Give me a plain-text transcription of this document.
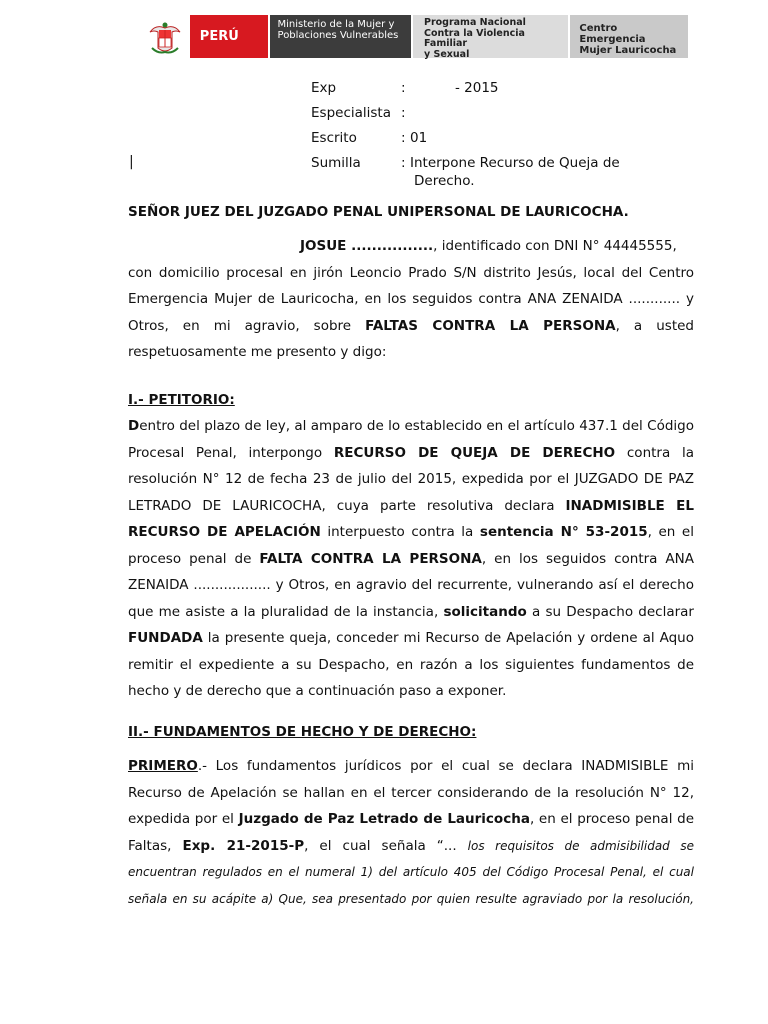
PERÚ
Ministerio de la Mujer y
Poblaciones Vulnerables
Programa Nacional
Contra la Violencia Familiar
y Sexual
Centro Emergencia
Mujer Lauricocha
Exp	:	- 2015
Especialista :
Escrito	: 01
Sumilla	: Interpone Recurso de Queja de
Derecho.
|
SEÑOR JUEZ DEL JUZGADO PENAL UNIPERSONAL DE LAURICOCHA.
JOSUE ................, identificado con DNI N° 44445555,
con domicilio procesal en jirón Leoncio Prado S/N distrito Jesús, local del Centro
Emergencia Mujer de Lauricocha, en los seguidos contra ANA ZENAIDA ............ y
Otros, en mi agravio, sobre FALTAS CONTRA LA PERSONA, a usted
respetuosamente me presento y digo:
I.- PETITORIO:
Dentro del plazo de ley, al amparo de lo establecido en el artículo 437.1 del Código
Procesal Penal, interpongo RECURSO DE QUEJA DE DERECHO contra la
resolución N° 12 de fecha 23 de julio del 2015, expedida por el JUZGADO DE PAZ
LETRADO DE LAURICOCHA, cuya parte resolutiva declara INADMISIBLE EL
RECURSO DE APELACIÓN interpuesto contra la sentencia N° 53-2015, en el
proceso penal de FALTA CONTRA LA PERSONA, en los seguidos contra ANA
ZENAIDA .................. y Otros, en agravio del recurrente, vulnerando así el derecho
que me asiste a la pluralidad de la instancia, solicitando a su Despacho declarar
FUNDADA la presente queja, conceder mi Recurso de Apelación y ordene al Aquo
remitir el expediente a su Despacho, en razón a los siguientes fundamentos de
hecho y de derecho que a continuación paso a exponer.
II.- FUNDAMENTOS DE HECHO Y DE DERECHO:
PRIMERO.- Los fundamentos jurídicos por el cual se declara INADMISIBLE mi
Recurso de Apelación se hallan en el tercer considerando de la resolución N° 12,
expedida por el Juzgado de Paz Letrado de Lauricocha, en el proceso penal de
Faltas, Exp. 21-2015-P, el cual señala “... los requisitos de admisibilidad se
encuentran regulados en el numeral 1) del artículo 405 del Código Procesal Penal, el cual
señala en su acápite a) Que, sea presentado por quien resulte agraviado por la resolución,
